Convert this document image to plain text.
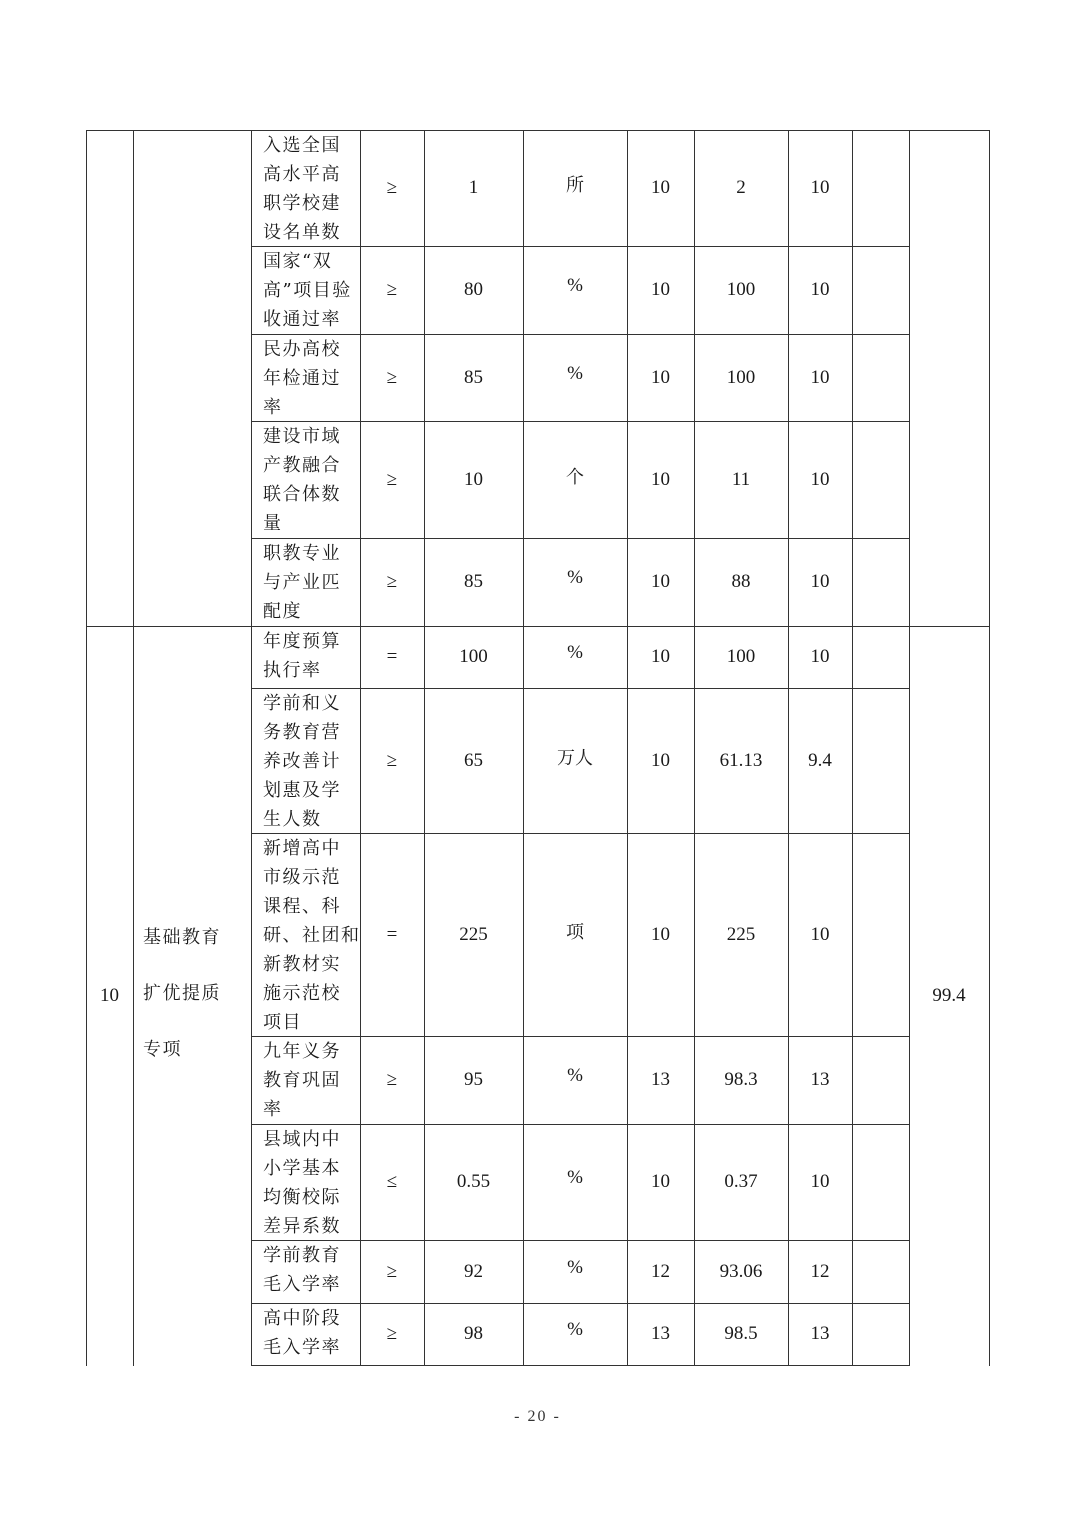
入选全国
高水平高
职学校建
设名单数
≥	1	所	10	2	10
国家“双
高”项目验
收通过率
≥	80	%	10	100	10
民办高校
年检通过
率
≥	85	%	10	100	10
建设市域
产教融合
联合体数
量
≥	10	个	10	11	10
职教专业
与产业匹
配度
≥	85	%	10	88	10
年度预算
执行率
=	100	%	10	100	10
学前和义
务教育营
养改善计
划惠及学
生人数
≥	65	万人	10	61.13	9.4
新增高中
市级示范
课程、科
研、社团和
新教材实
施示范校
项目
=	225	项	10	225	10
九年义务
教育巩固
率
≥	95	%	13	98.3	13
县域内中
小学基本
均衡校际
差异系数
≤	0.55	%	10	0.37	10
学前教育
毛入学率
≥	92	%	12	93.06	12
高中阶段
毛入学率
≥	98	%	13	98.5	13
10
基础教育
扩优提质
专项
99.4
- 20 -
